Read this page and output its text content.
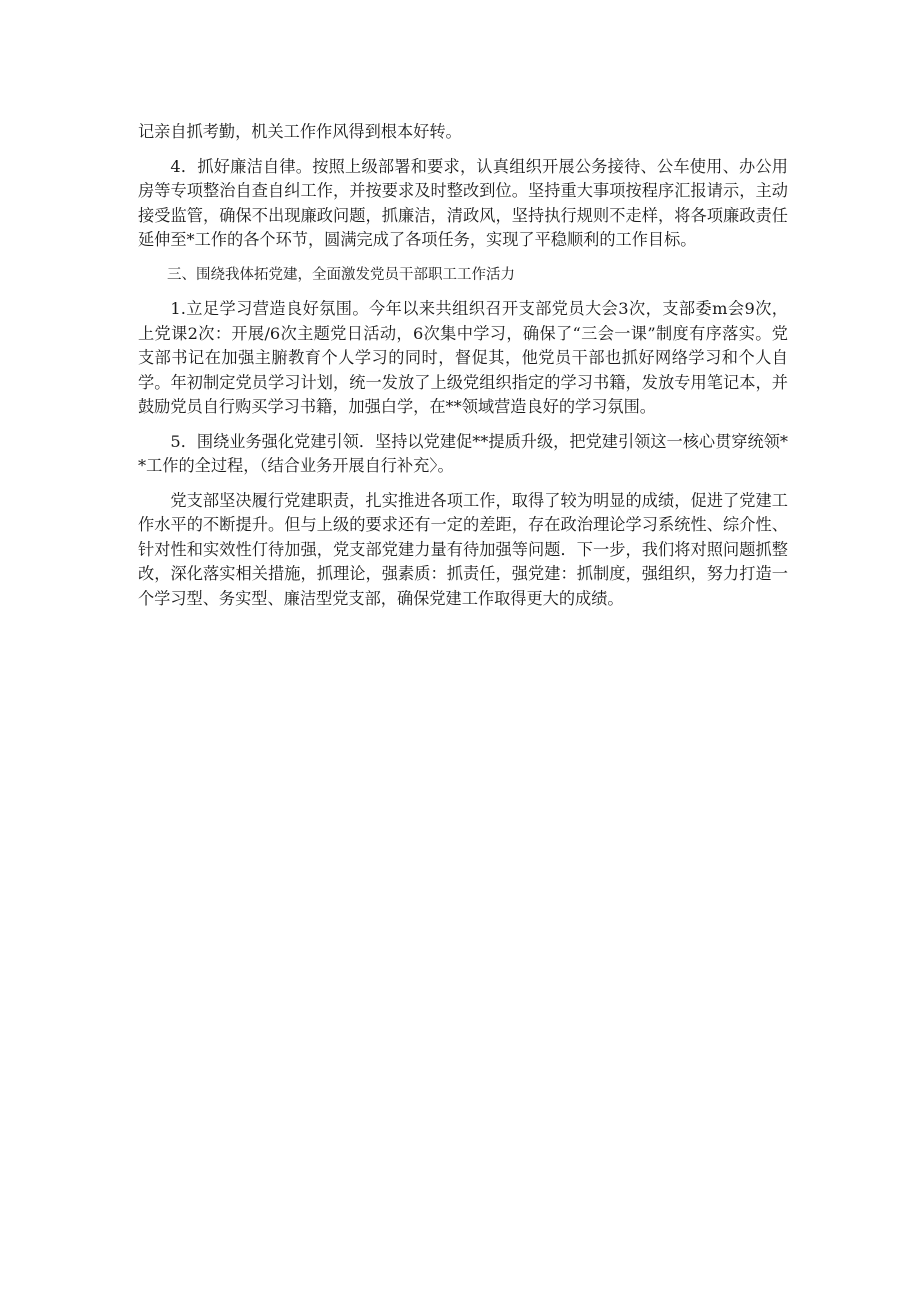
记亲自抓考勤，机关工作作风得到根本好转。

4．抓好廉洁自律。按照上级部署和要求，认真组织开展公务接待、公车使用、办公用房等专项整治自查自纠工作，并按要求及时整改到位。坚持重大事项按程序汇报请示，主动接受监管，确保不出现廉政问题，抓廉洁，清政风，坚持执行规则不走样，将各项廉政责任延伸至*工作的各个环节，圆满完成了各项任务，实现了平稳顺利的工作目标。

三、围绕我体拓党建，全面激发党员干部职工工作活力

1.立足学习营造良好氛围。今年以来共组织召开支部党员大会3次，支部委m会9次，上党课2次：开展/6次主题党日活动，6次集中学习，确保了“三会一课”制度有序落实。党支部书记在加强主腑教育个人学习的同时，督促其，他党员干部也抓好网络学习和个人自学。年初制定党员学习计划，统一发放了上级党组织指定的学习书籍，发放专用笔记本，并鼓励党员自行购买学习书籍，加强白学，在**领域营造良好的学习氛围。

5．围绕业务强化党建引领．坚持以党建促**提质升级，把党建引领这一核心贯穿统领**工作的全过程，（结合业务开展自行补充〉。

党支部坚决履行党建职责，扎实推进各项工作，取得了较为明显的成绩，促进了党建工作水平的不断提升。但与上级的要求还有一定的差距，存在政治理论学习系统性、综介性、针对性和实效性仃待加强，党支部党建力量有待加强等问题．下一步，我们将对照问题抓整改，深化落实相关措施，抓理论，强素质：抓责任，强党建：抓制度，强组织，努力打造一个学习型、务实型、廉洁型党支部，确保党建工作取得更大的成绩。
